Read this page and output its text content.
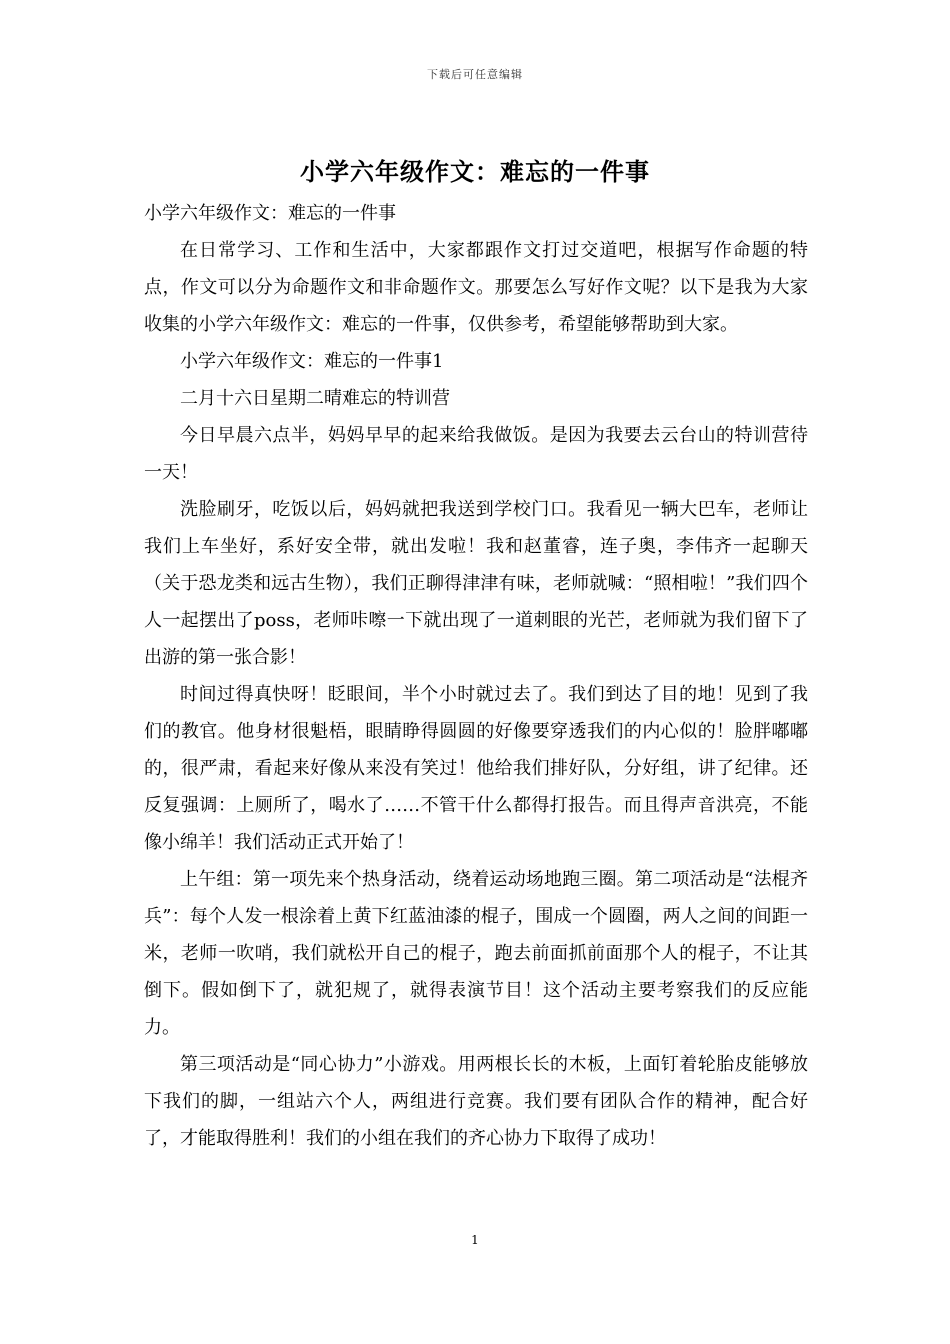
下载后可任意编辑
小学六年级作文：难忘的一件事

小学六年级作文：难忘的一件事

在日常学习、工作和生活中，大家都跟作文打过交道吧，根据写作命题的特点，作文可以分为命题作文和非命题作文。那要怎么写好作文呢？以下是我为大家收集的小学六年级作文：难忘的一件事，仅供参考，希望能够帮助到大家。

小学六年级作文：难忘的一件事1

二月十六日星期二晴难忘的特训营

今日早晨六点半，妈妈早早的起来给我做饭。是因为我要去云台山的特训营待一天！

洗脸刷牙，吃饭以后，妈妈就把我送到学校门口。我看见一辆大巴车，老师让我们上车坐好，系好安全带，就出发啦！我和赵董睿，连子奥，李伟齐一起聊天（关于恐龙类和远古生物），我们正聊得津津有味，老师就喊：“照相啦！”我们四个人一起摆出了poss，老师咔嚓一下就出现了一道刺眼的光芒，老师就为我们留下了出游的第一张合影！

时间过得真快呀！眨眼间，半个小时就过去了。我们到达了目的地！见到了我们的教官。他身材很魁梧，眼睛睁得圆圆的好像要穿透我们的内心似的！脸胖嘟嘟的，很严肃，看起来好像从来没有笑过！他给我们排好队，分好组，讲了纪律。还反复强调：上厕所了，喝水了……不管干什么都得打报告。而且得声音洪亮，不能像小绵羊！我们活动正式开始了！

上午组：第一项先来个热身活动，绕着运动场地跑三圈。第二项活动是“法棍齐兵”：每个人发一根涂着上黄下红蓝油漆的棍子，围成一个圆圈，两人之间的间距一米，老师一吹哨，我们就松开自己的棍子，跑去前面抓前面那个人的棍子，不让其倒下。假如倒下了，就犯规了，就得表演节目！这个活动主要考察我们的反应能力。

第三项活动是“同心协力”小游戏。用两根长长的木板，上面钉着轮胎皮能够放下我们的脚，一组站六个人，两组进行竞赛。我们要有团队合作的精神，配合好了，才能取得胜利！我们的小组在我们的齐心协力下取得了成功！

1
